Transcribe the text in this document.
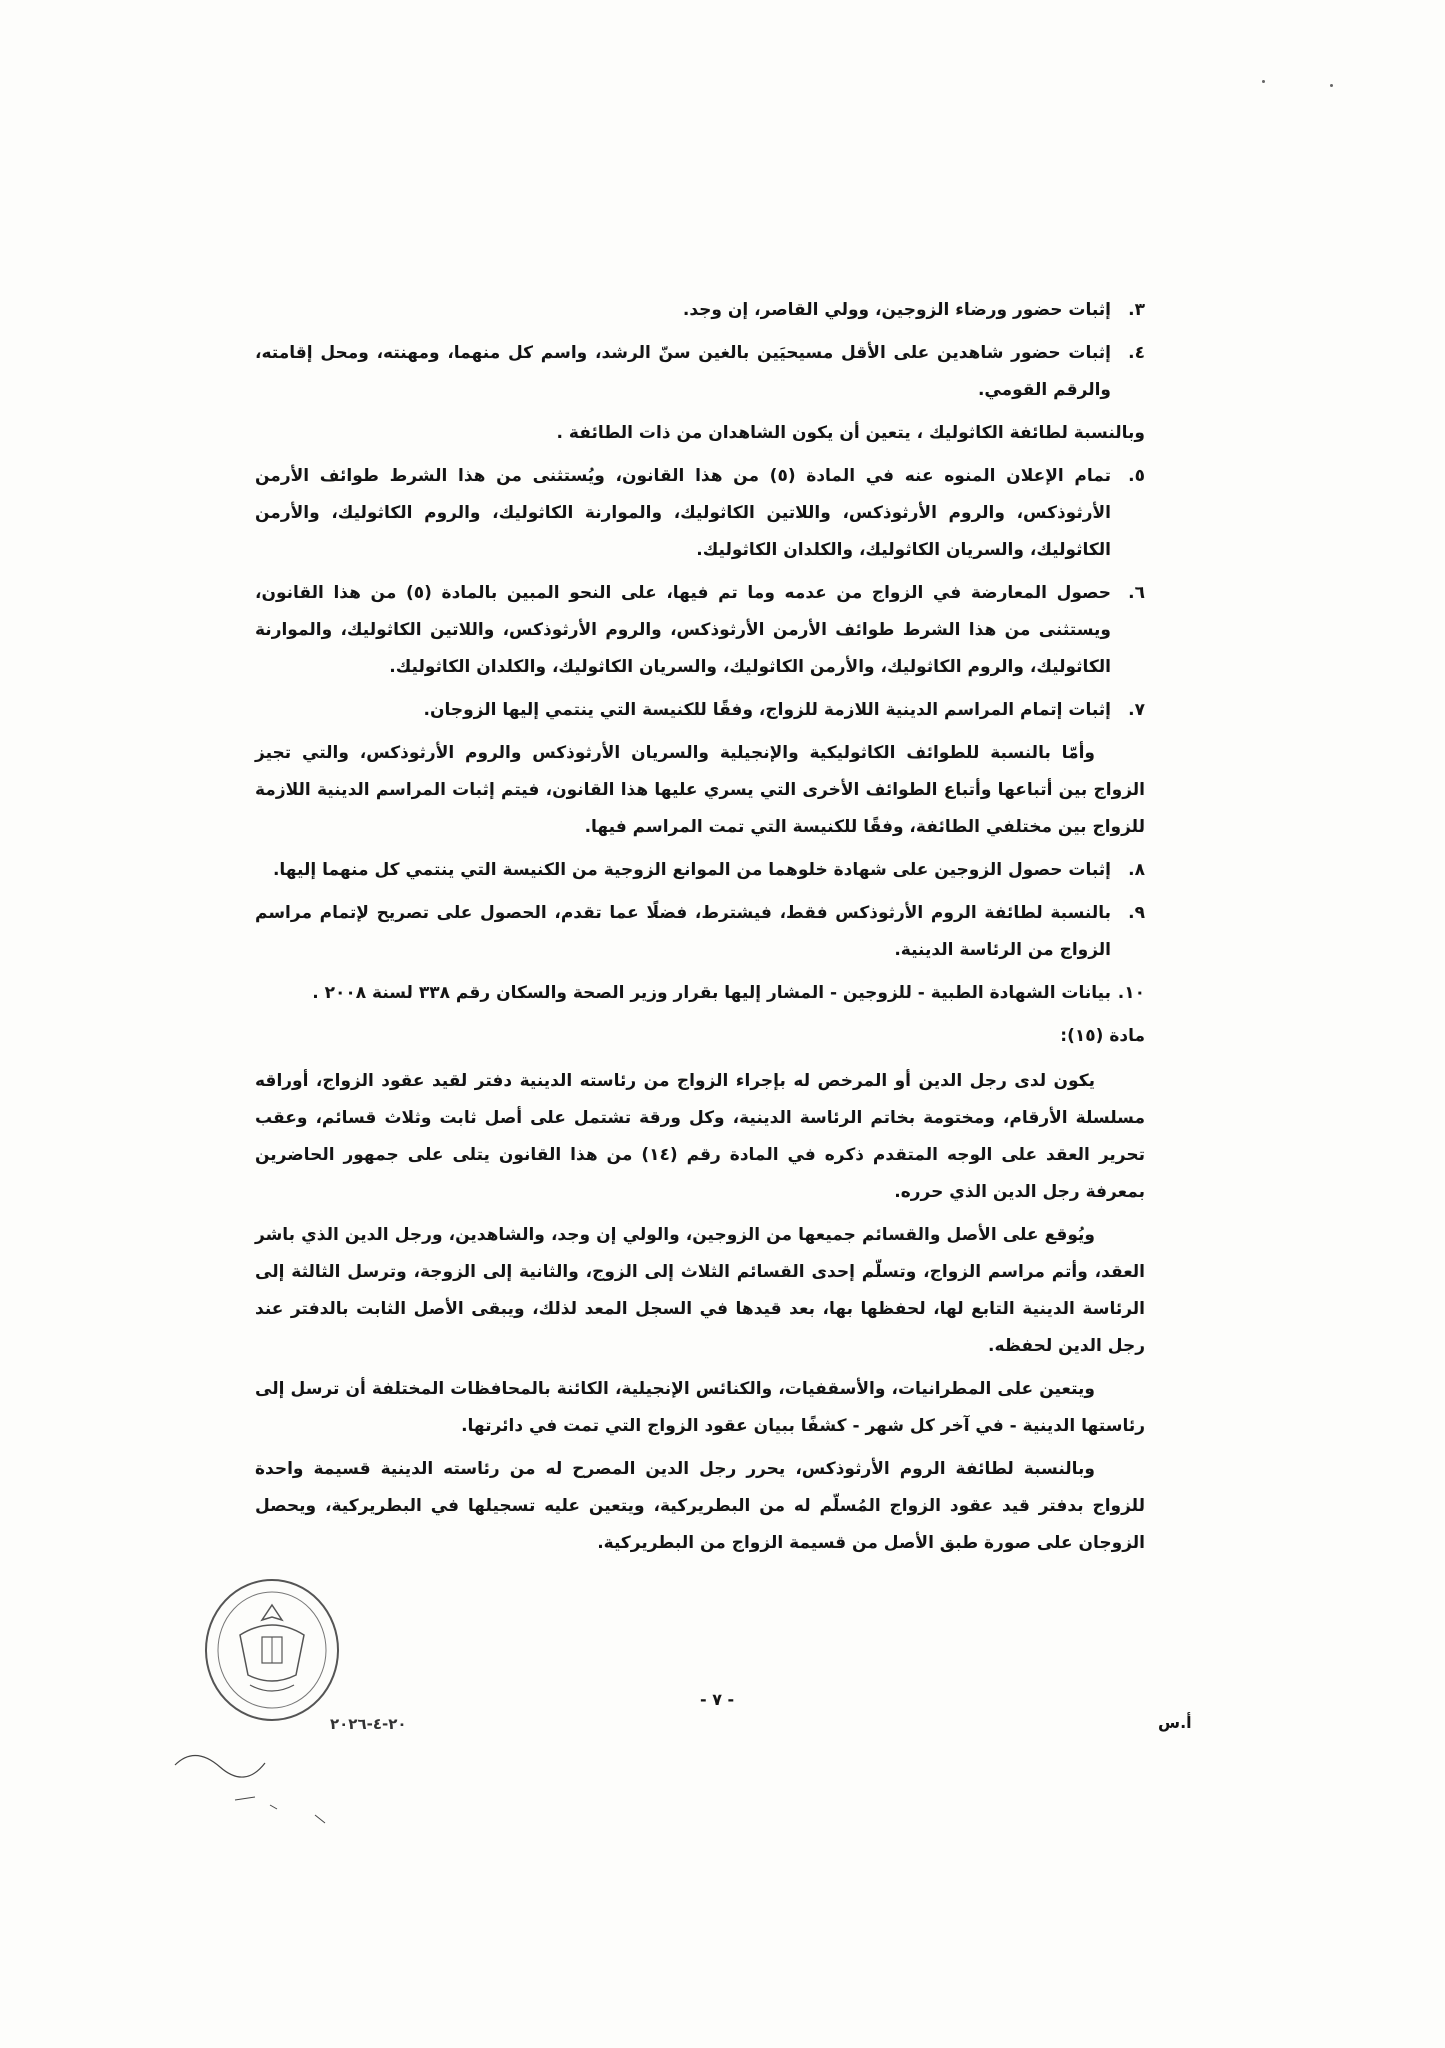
٣.
إثبات حضور ورضاء الزوجين، وولي القاصر، إن وجد.
٤.
إثبات حضور شاهدين على الأقل مسيحيَين بالغين سنّ الرشد، واسم كل منهما، ومهنته، ومحل إقامته، والرقم القومي.
وبالنسبة لطائفة الكاثوليك ، يتعين أن يكون الشاهدان من ذات الطائفة .
٥.
تمام الإعلان المنوه عنه في المادة (٥) من هذا القانون، ويُستثنى من هذا الشرط طوائف الأرمن الأرثوذكس، والروم الأرثوذكس، واللاتين الكاثوليك، والموارنة الكاثوليك، والروم الكاثوليك، والأرمن الكاثوليك، والسريان الكاثوليك، والكلدان الكاثوليك.
٦.
حصول المعارضة في الزواج من عدمه وما تم فيها، على النحو المبين بالمادة (٥) من هذا القانون، ويستثنى من هذا الشرط طوائف الأرمن الأرثوذكس، والروم الأرثوذكس، واللاتين الكاثوليك، والموارنة الكاثوليك، والروم الكاثوليك، والأرمن الكاثوليك، والسريان الكاثوليك، والكلدان الكاثوليك.
٧.
إثبات إتمام المراسم الدينية اللازمة للزواج، وفقًا للكنيسة التي ينتمي إليها الزوجان.
وأمّا بالنسبة للطوائف الكاثوليكية والإنجيلية والسريان الأرثوذكس والروم الأرثوذكس، والتي تجيز الزواج بين أتباعها وأتباع الطوائف الأخرى التي يسري عليها هذا القانون، فيتم إثبات المراسم الدينية اللازمة للزواج بين مختلفي الطائفة، وفقًا للكنيسة التي تمت المراسم فيها.
٨.
إثبات حصول الزوجين على شهادة خلوهما من الموانع الزوجية من الكنيسة التي ينتمي كل منهما إليها.
٩.
بالنسبة لطائفة الروم الأرثوذكس فقط، فيشترط، فضلًا عما تقدم، الحصول على تصريح لإتمام مراسم الزواج من الرئاسة الدينية.
١٠.
بيانات الشهادة الطبية - للزوجين - المشار إليها بقرار وزير الصحة والسكان رقم ٣٣٨ لسنة ٢٠٠٨ .
مادة (١٥):
يكون لدى رجل الدين أو المرخص له بإجراء الزواج من رئاسته الدينية دفتر لقيد عقود الزواج، أوراقه مسلسلة الأرقام، ومختومة بخاتم الرئاسة الدينية، وكل ورقة تشتمل على أصل ثابت وثلاث قسائم، وعقب تحرير العقد على الوجه المتقدم ذكره في المادة رقم (١٤) من هذا القانون يتلى على جمهور الحاضرين بمعرفة رجل الدين الذي حرره.
ويُوقع على الأصل والقسائم جميعها من الزوجين، والولي إن وجد، والشاهدين، ورجل الدين الذي باشر العقد، وأتم مراسم الزواج، وتسلّم إحدى القسائم الثلاث إلى الزوج، والثانية إلى الزوجة، وترسل الثالثة إلى الرئاسة الدينية التابع لها، لحفظها بها، بعد قيدها في السجل المعد لذلك، ويبقى الأصل الثابت بالدفتر عند رجل الدين لحفظه.
ويتعين على المطرانيات، والأسقفيات، والكنائس الإنجيلية، الكائنة بالمحافظات المختلفة أن ترسل إلى رئاستها الدينية - في آخر كل شهر - كشفًا ببيان عقود الزواج التي تمت في دائرتها.
وبالنسبة لطائفة الروم الأرثوذكس، يحرر رجل الدين المصرح له من رئاسته الدينية قسيمة واحدة للزواج بدفتر قيد عقود الزواج المُسلّم له من البطريركية، ويتعين عليه تسجيلها في البطريركية، ويحصل الزوجان على صورة طبق الأصل من قسيمة الزواج من البطريركية.
٢٠-٤-٢٠٢٦
- ٧ -
أ.س
